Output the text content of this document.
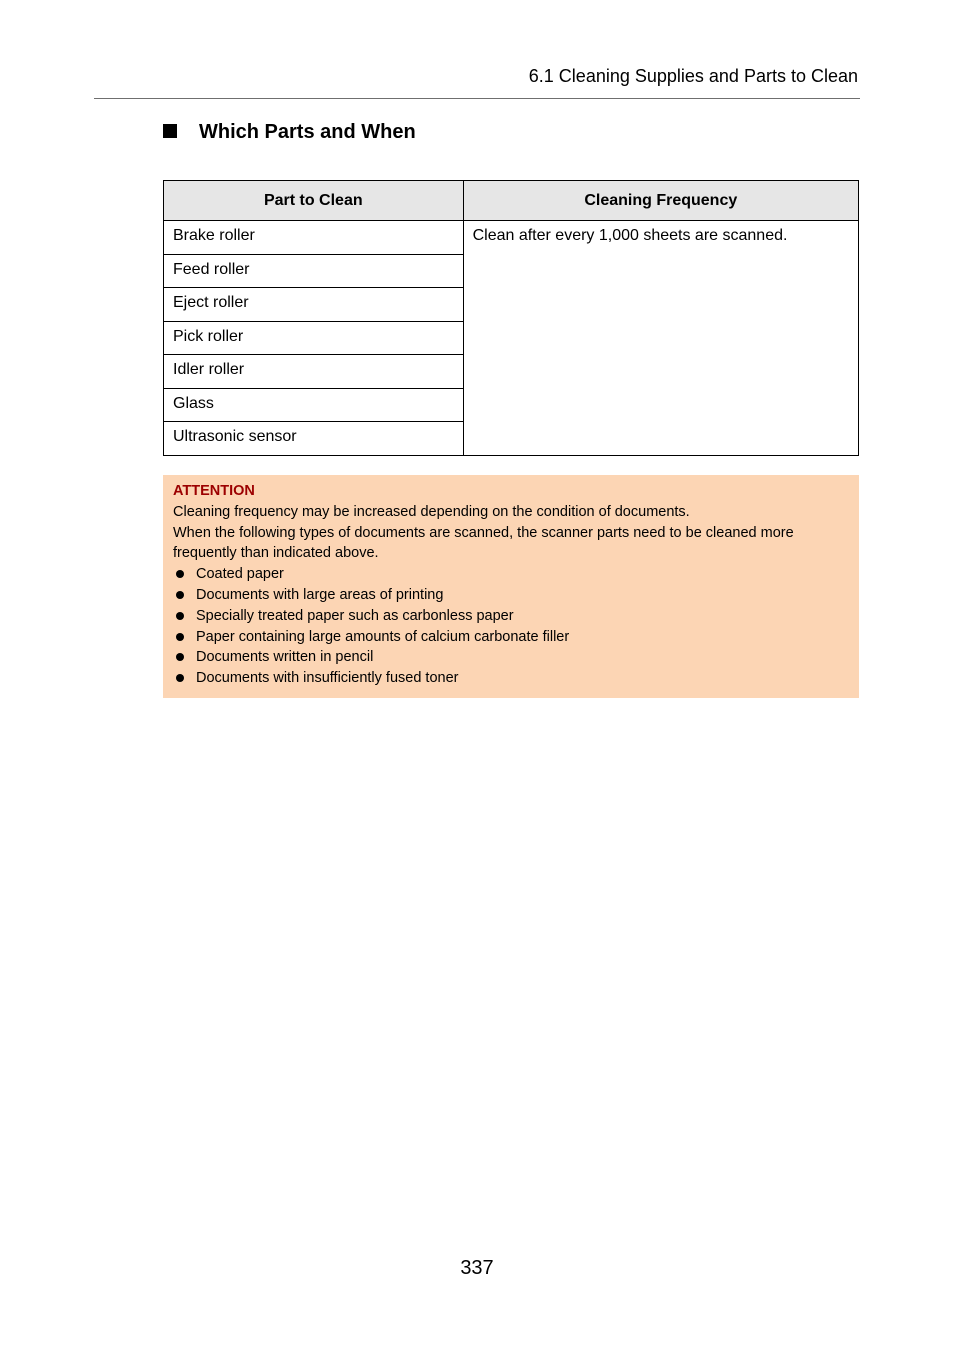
6.1 Cleaning Supplies and Parts to Clean
Which Parts and When
Part to Clean	Cleaning Frequency
Brake roller	Clean after every 1,000 sheets are scanned.
Feed roller	
Eject roller	
Pick roller	
Idler roller	
Glass	
Ultrasonic sensor	
ATTENTION
Cleaning frequency may be increased depending on the condition of documents.
When the following types of documents are scanned, the scanner parts need to be cleaned more frequently than indicated above.
Coated paper
Documents with large areas of printing
Specially treated paper such as carbonless paper
Paper containing large amounts of calcium carbonate filler
Documents written in pencil
Documents with insufficiently fused toner
337
